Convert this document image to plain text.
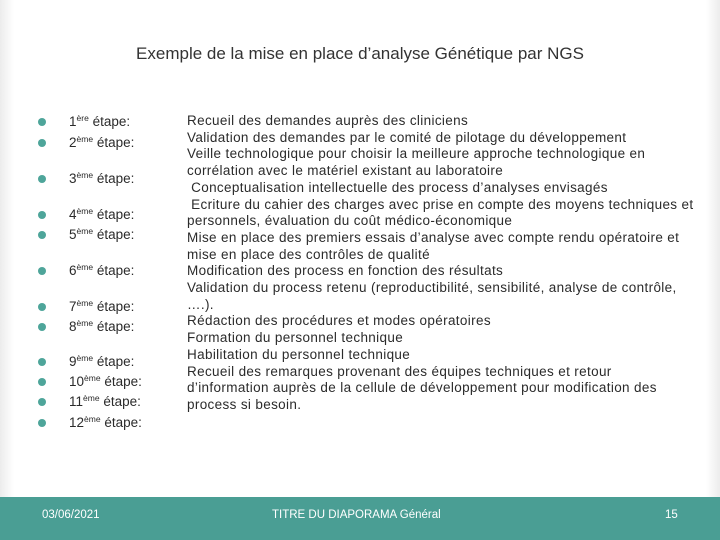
Exemple de la mise en place d’analyse Génétique par NGS
1ère étape:
2ème étape:
3ème étape:
4ème étape:
5ème étape:
6ème étape:
7ème étape:
8ème étape:
9ème étape:
10ème étape:
11ème étape:
12ème étape:
Recueil des demandes auprès des cliniciens
Validation des demandes par le comité de pilotage du développement
Veille technologique pour choisir la meilleure approche technologique en corrélation avec le matériel existant au laboratoire
Conceptualisation intellectuelle des process d’analyses envisagés
Ecriture du cahier des charges avec prise en compte des moyens techniques et personnels, évaluation du coût médico-économique
Mise en place des premiers essais d’analyse avec compte rendu opératoire et mise en place des contrôles de qualité
Modification des process en fonction des résultats
Validation du process retenu (reproductibilité, sensibilité, analyse de contrôle, ….).
Rédaction des procédures et modes opératoires
Formation du personnel technique
Habilitation du personnel technique
Recueil des remarques provenant des équipes techniques et retour d’information auprès de la cellule de développement pour modification des process si besoin.
03/06/2021	TITRE DU DIAPORAMA Général	15
